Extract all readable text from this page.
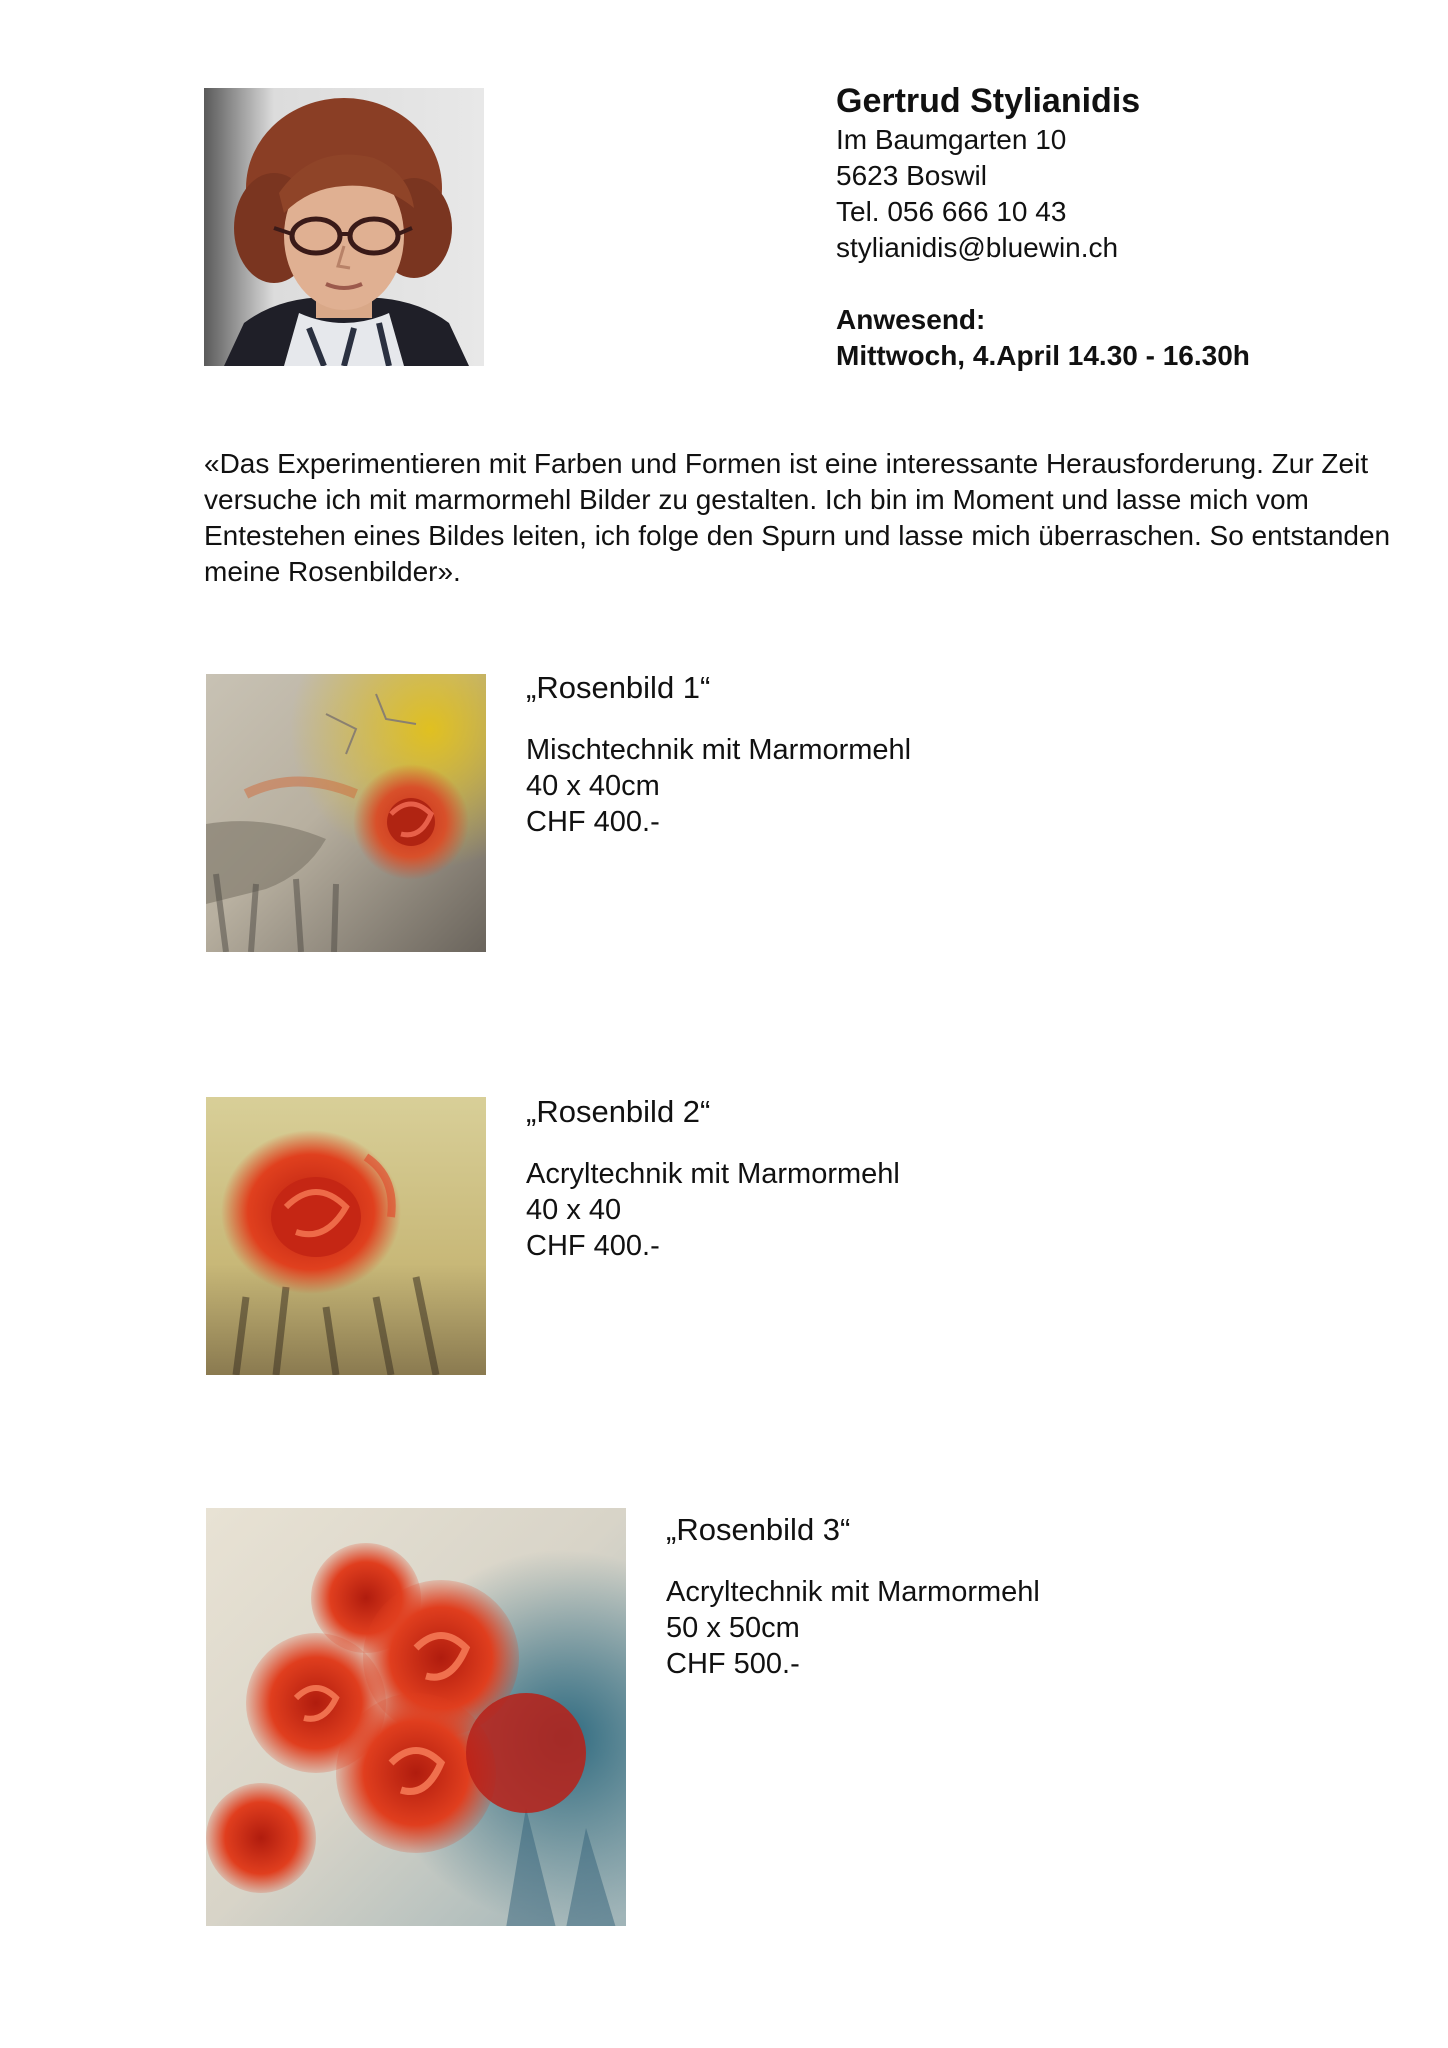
Gertrud Stylianidis
Im Baumgarten 10
5623 Boswil
Tel. 056 666 10 43
stylianidis@bluewin.ch
Anwesend:
Mittwoch, 4.April 14.30 - 16.30h
«Das Experimentieren mit Farben und Formen ist eine interessante Herausforderung. Zur Zeit versuche ich mit marmormehl Bilder zu gestalten. Ich bin im Moment und lasse mich vom Entestehen eines Bildes leiten, ich folge den Spurn und lasse mich überraschen. So entstanden meine Rosenbilder».
„Rosenbild 1“
Mischtechnik mit Marmormehl
40 x 40cm
CHF 400.-
„Rosenbild 2“
Acryltechnik mit Marmormehl
40 x 40
CHF 400.-
„Rosenbild 3“
Acryltechnik mit Marmormehl
50 x 50cm
CHF 500.-
